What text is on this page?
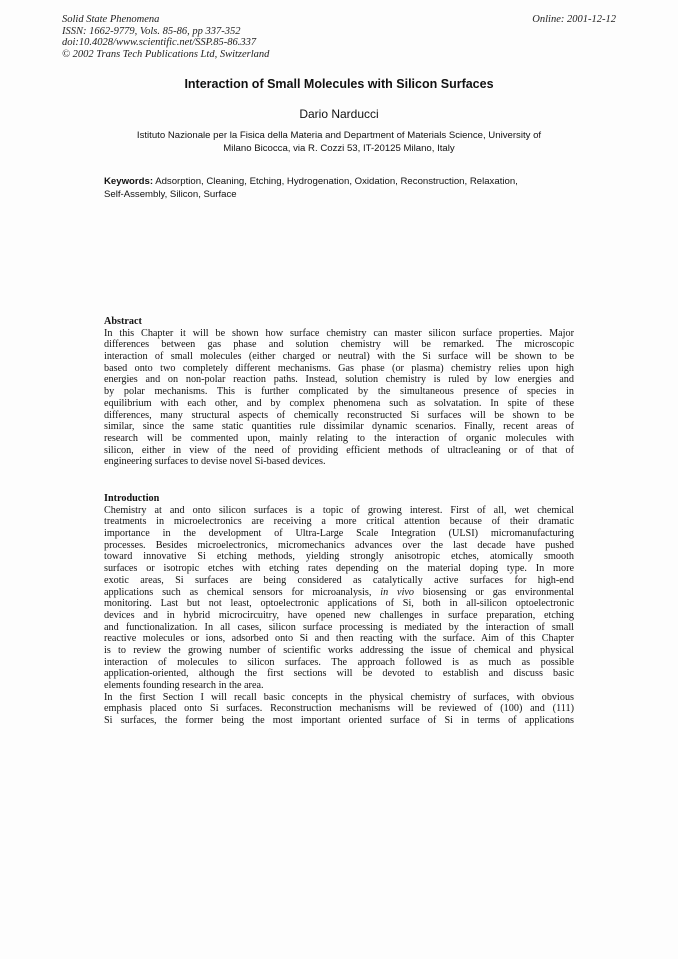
Solid State Phenomena
ISSN: 1662-9779, Vols. 85-86, pp 337-352
doi:10.4028/www.scientific.net/SSP.85-86.337
© 2002 Trans Tech Publications Ltd, Switzerland
Online: 2001-12-12
Interaction of Small Molecules with Silicon Surfaces
Dario Narducci
Istituto Nazionale per la Fisica della Materia and Department of Materials Science, University of
Milano Bicocca, via R. Cozzi 53, IT-20125 Milano, Italy
Keywords: Adsorption, Cleaning, Etching, Hydrogenation, Oxidation, Reconstruction, Relaxation,
Self-Assembly, Silicon, Surface
Abstract
In this Chapter it will be shown how surface chemistry can master silicon surface properties. Major
differences between gas phase and solution chemistry will be remarked. The microscopic
interaction of small molecules (either charged or neutral) with the Si surface will be shown to be
based onto two completely different mechanisms. Gas phase (or plasma) chemistry relies upon high
energies and on non-polar reaction paths. Instead, solution chemistry is ruled by low energies and
by polar mechanisms. This is further complicated by the simultaneous presence of species in
equilibrium with each other, and by complex phenomena such as solvatation. In spite of these
differences, many structural aspects of chemically reconstructed Si surfaces will be shown to be
similar, since the same static quantities rule dissimilar dynamic scenarios. Finally, recent areas of
research will be commented upon, mainly relating to the interaction of organic molecules with
silicon, either in view of the need of providing efficient methods of ultracleaning or of that of
engineering surfaces to devise novel Si-based devices.
Introduction
Chemistry at and onto silicon surfaces is a topic of growing interest. First of all, wet chemical
treatments in microelectronics are receiving a more critical attention because of their dramatic
importance in the development of Ultra-Large Scale Integration (ULSI) micromanufacturing
processes. Besides microelectronics, micromechanics advances over the last decade have pushed
toward innovative Si etching methods, yielding strongly anisotropic etches, atomically smooth
surfaces or isotropic etches with etching rates depending on the material doping type. In more
exotic areas, Si surfaces are being considered as catalytically active surfaces for high-end
applications such as chemical sensors for microanalysis, in vivo biosensing or gas environmental
monitoring. Last but not least, optoelectronic applications of Si, both in all-silicon optoelectronic
devices and in hybrid microcircuitry, have opened new challenges in surface preparation, etching
and functionalization. In all cases, silicon surface processing is mediated by the interaction of small
reactive molecules or ions, adsorbed onto Si and then reacting with the surface. Aim of this Chapter
is to review the growing number of scientific works addressing the issue of chemical and physical
interaction of molecules to silicon surfaces. The approach followed is as much as possible
application-oriented, although the first sections will be devoted to establish and discuss basic
elements founding research in the area.
In the first Section I will recall basic concepts in the physical chemistry of surfaces, with obvious
emphasis placed onto Si surfaces. Reconstruction mechanisms will be reviewed of (100) and (111)
Si surfaces, the former being the most important oriented surface of Si in terms of applications
